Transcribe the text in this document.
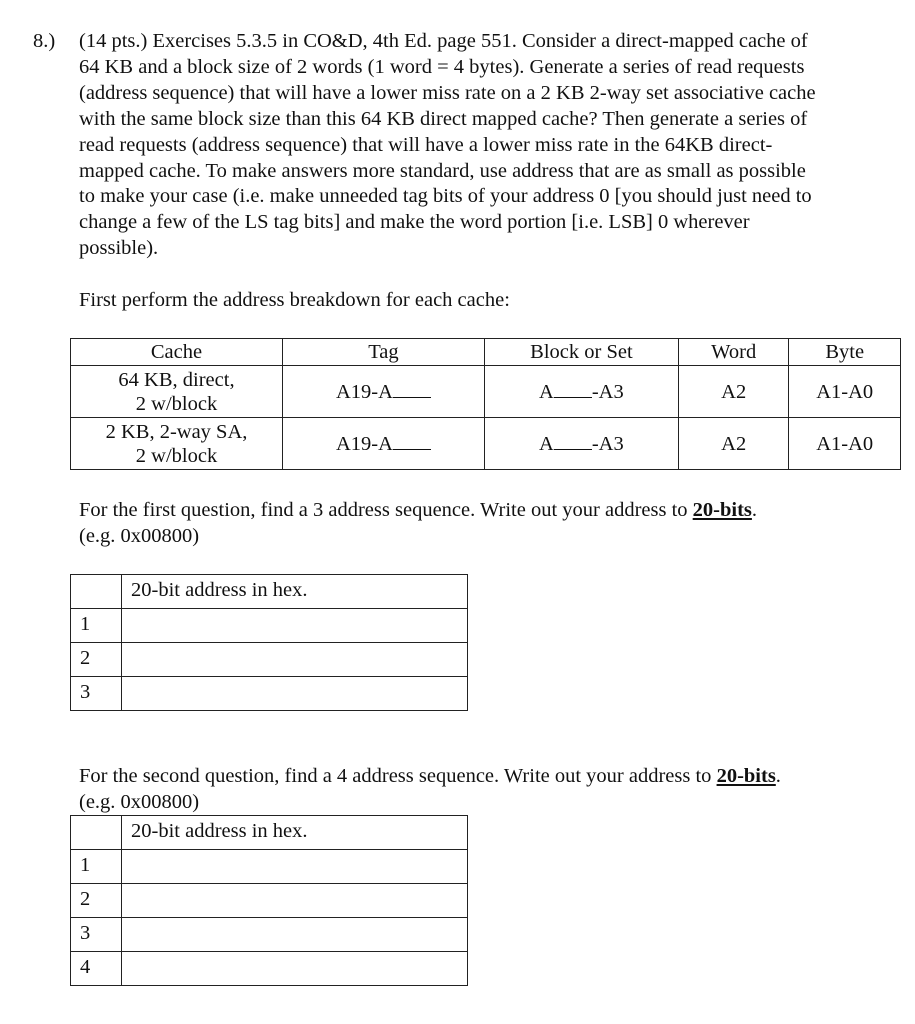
8.) (14 pts.) Exercises 5.3.5 in CO&D, 4th Ed. page 551. Consider a direct-mapped cache of
64 KB and a block size of 2 words (1 word = 4 bytes). Generate a series of read requests
(address sequence) that will have a lower miss rate on a 2 KB 2-way set associative cache
with the same block size than this 64 KB direct mapped cache? Then generate a series of
read requests (address sequence) that will have a lower miss rate in the 64KB direct-
mapped cache. To make answers more standard, use address that are as small as possible
to make your case (i.e. make unneeded tag bits of your address 0 [you should just need to
change a few of the LS tag bits] and make the word portion [i.e. LSB] 0 wherever
possible).
First perform the address breakdown for each cache:
Cache	Tag	Block or Set	Word	Byte

64 KB, direct,
2 w/block	A19-A	A -A3	A2	A1-A0

2 KB, 2-way SA,
2 w/block	A19-A	A -A3	A2	A1-A0
For the first question, find a 3 address sequence. Write out your address to 20-bits.
(e.g. 0x00800)
	20-bit address in hex.
1	
2	
3	
For the second question, find a 4 address sequence. Write out your address to 20-bits.
(e.g. 0x00800)
	20-bit address in hex.
1	
2	
3	
4	
